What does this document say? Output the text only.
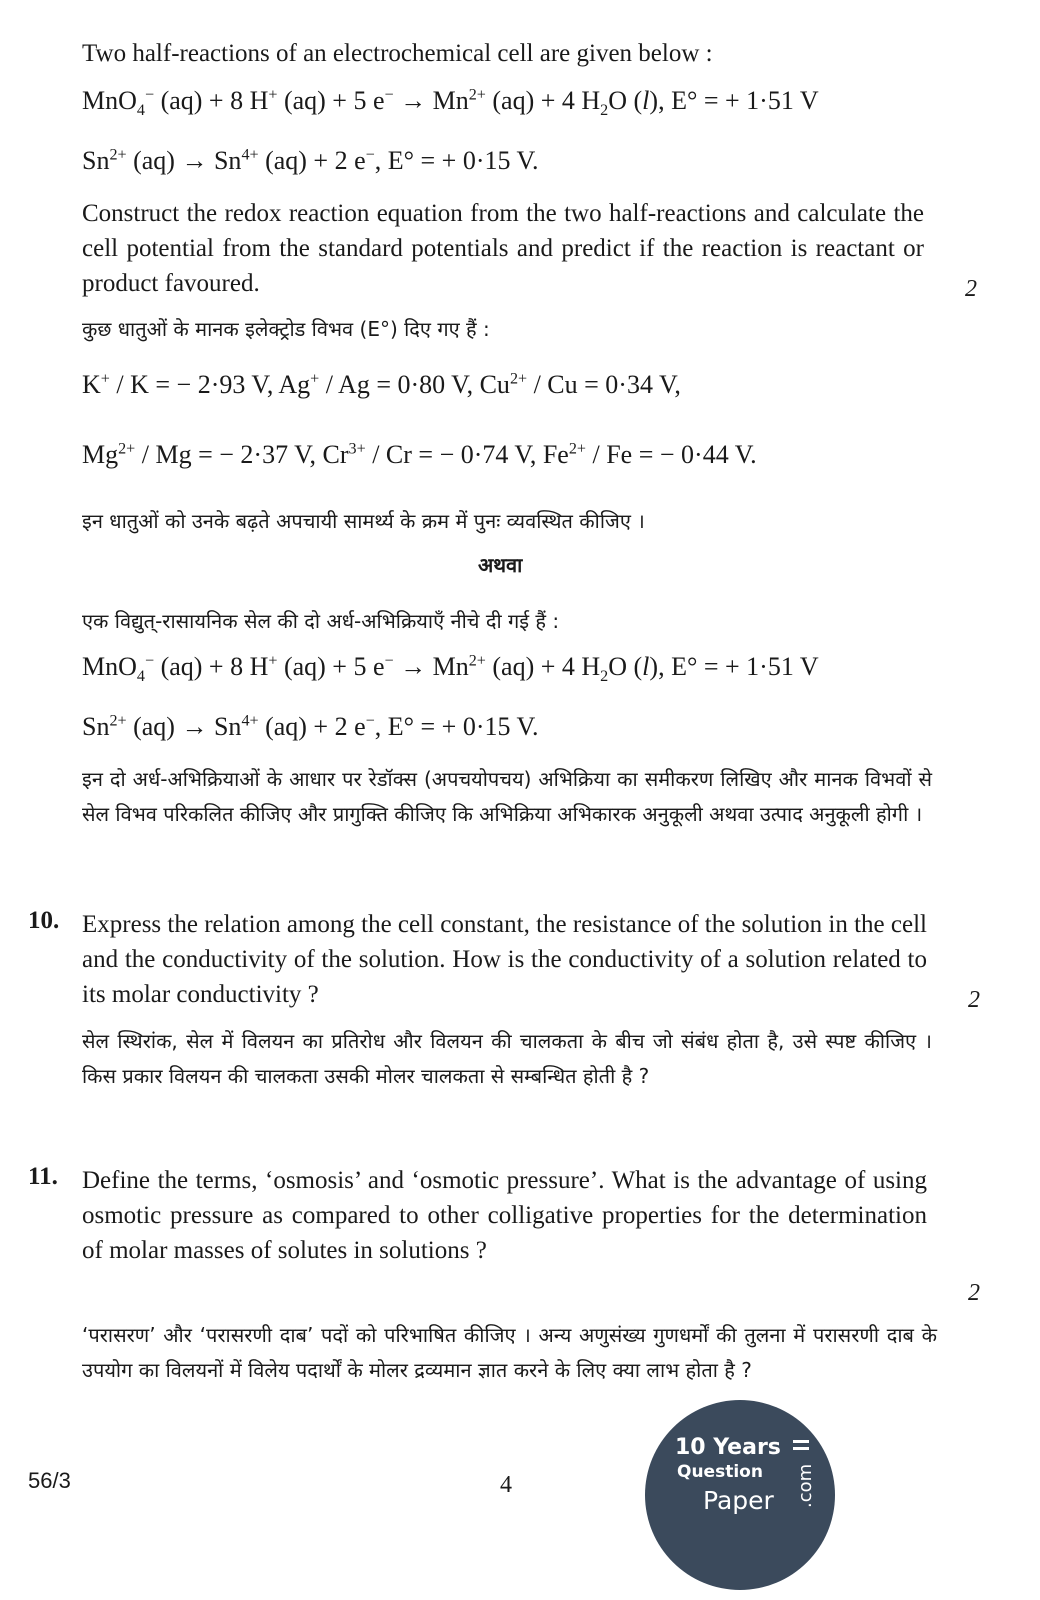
Two half-reactions of an electrochemical cell are given below :
MnO$_4$− (aq) + 8 H+ (aq) + 5 $e^- \to Mn^{2+}$ (aq) + 4 $H_2O$ (l), E° = + 1·51 V
$Sn^{2+}$ $(aq) \to Sn^{4+}$ (aq) + 2 e−, E° = + 0·15 V.
Construct the redox reaction equation from the two half-reactions and calculate the cell potential from the standard potentials and predict if the reaction is reactant or product favoured.	2
कुछ धातुओं के मानक इलेक्ट्रोड विभव (E°) दिए गए हैं :
K+ / K = − 2·93 V, Ag+ / Ag = 0·80 V, $Cu^{2+} / Cu = 0\cdot 34$ V,
$Mg^{2+}$ / Mg = − 2·37 V, $Cr^{3+}$ / Cr = − 0·74 V, $Fe^{2+}$ / Fe = − 0·44 V.
इन धातुओं को उनके बढ़ते अपचायी सामर्थ्य के क्रम में पुनः व्यवस्थित कीजिए ।
अथवा
एक विद्युत्-रासायनिक सेल की दो अर्ध-अभिक्रियाएँ नीचे दी गई हैं :
MnO$_4$− (aq) + 8 H+ (aq) + 5 $e^- \to Mn^{2+}$ (aq) + 4 $H_2O$ (l), E° = + 1·51 V
$Sn^{2+}$ $(aq) \to Sn^{4+}$ (aq) + 2 e−, E° = + 0·15 V.
इन दो अर्ध-अभिक्रियाओं के आधार पर रेडॉक्स (अपचयोपचय) अभिक्रिया का समीकरण लिखिए और मानक विभवों से सेल विभव परिकलित कीजिए और प्रागुक्ति कीजिए कि अभिक्रिया अभिकारक अनुकूली अथवा उत्पाद अनुकूली होगी ।
10. Express the relation among the cell constant, the resistance of the solution in the cell and the conductivity of the solution. How is the conductivity of a solution related to its molar conductivity ?	2
सेल स्थिरांक, सेल में विलयन का प्रतिरोध और विलयन की चालकता के बीच जो संबंध होता है, उसे स्पष्ट कीजिए । किस प्रकार विलयन की चालकता उसकी मोलर चालकता से सम्बन्धित होती है ?
11. Define the terms, ‘osmosis’ and ‘osmotic pressure’. What is the advantage of using osmotic pressure as compared to other colligative properties for the determination of molar masses of solutes in solutions ?
2
‘परासरण’ और ‘परासरणी दाब’ पदों को परिभाषित कीजिए । अन्य अणुसंख्य गुणधर्मों की तुलना में परासरणी दाब के उपयोग का विलयनों में विलेय पदार्थों के मोलर द्रव्यमान ज्ञात करने के लिए क्या लाभ होता है ?
56/3	4
10 Years
Question
Paper .com
